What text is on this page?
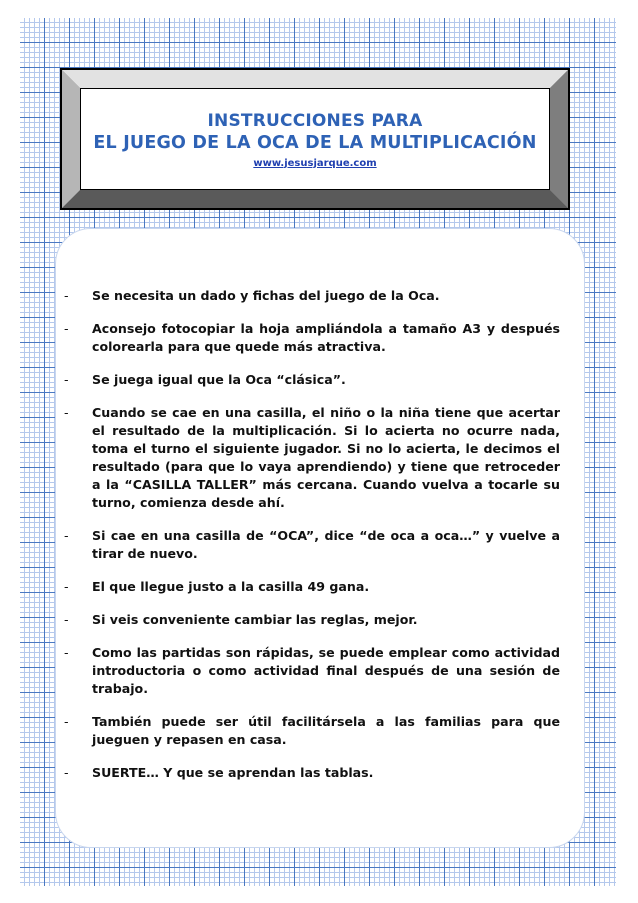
INSTRUCCIONES PARA
EL JUEGO DE LA OCA DE LA MULTIPLICACIÓN
www.jesusjarque.com
- Se necesita un dado y fichas del juego de la Oca.
- Aconsejo fotocopiar la hoja ampliándola a tamaño A3 y después colorearla para que quede más atractiva.
- Se juega igual que la Oca “clásica”.
- Cuando se cae en una casilla, el niño o la niña tiene que acertar el resultado de la multiplicación. Si lo acierta no ocurre nada, toma el turno el siguiente jugador. Si no lo acierta, le decimos el resultado (para que lo vaya aprendiendo) y tiene que retroceder a la “CASILLA TALLER” más cercana. Cuando vuelva a tocarle su turno, comienza desde ahí.
- Si cae en una casilla de “OCA”, dice “de oca a oca…” y vuelve a tirar de nuevo.
- El que llegue justo a la casilla 49 gana.
- Si veis conveniente cambiar las reglas, mejor.
- Como las partidas son rápidas, se puede emplear como actividad introductoria o como actividad final después de una sesión de trabajo.
- También puede ser útil facilitársela a las familias para que jueguen y repasen en casa.
- SUERTE… Y que se aprendan las tablas.
